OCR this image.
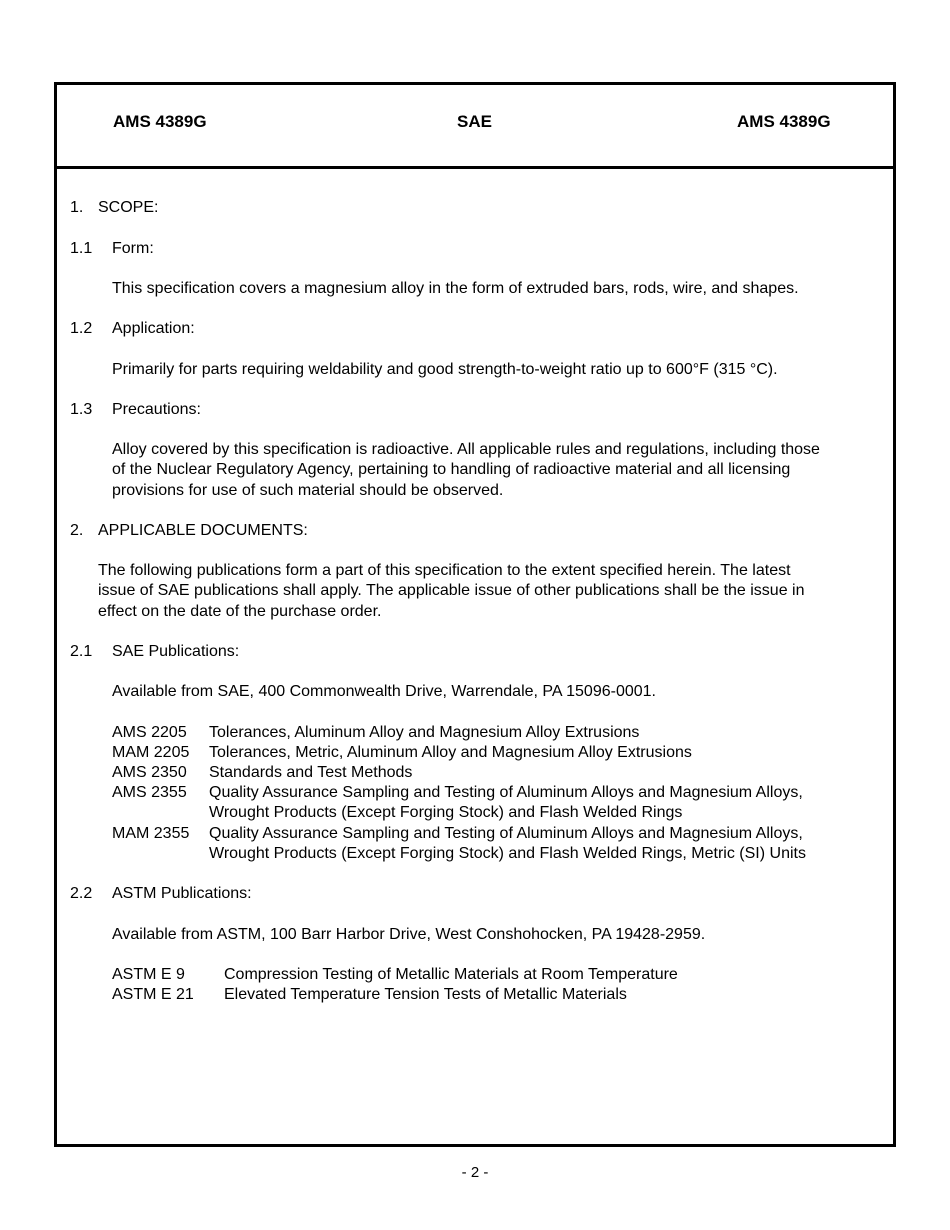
AMS 4389G	SAE	AMS 4389G
1. SCOPE:
1.1 Form:
This specification covers a magnesium alloy in the form of extruded bars, rods, wire, and shapes.
1.2 Application:
Primarily for parts requiring weldability and good strength-to-weight ratio up to 600°F (315 °C).
1.3 Precautions:
Alloy covered by this specification is radioactive. All applicable rules and regulations, including those
of the Nuclear Regulatory Agency, pertaining to handling of radioactive material and all licensing
provisions for use of such material should be observed.
2. APPLICABLE DOCUMENTS:
The following publications form a part of this specification to the extent specified herein. The latest
issue of SAE publications shall apply. The applicable issue of other publications shall be the issue in
effect on the date of the purchase order.
2.1 SAE Publications:
Available from SAE, 400 Commonwealth Drive, Warrendale, PA 15096-0001.
AMS 2205 Tolerances, Aluminum Alloy and Magnesium Alloy Extrusions
MAM 2205 Tolerances, Metric, Aluminum Alloy and Magnesium Alloy Extrusions
AMS 2350 Standards and Test Methods
AMS 2355 Quality Assurance Sampling and Testing of Aluminum Alloys and Magnesium Alloys,
Wrought Products (Except Forging Stock) and Flash Welded Rings
MAM 2355 Quality Assurance Sampling and Testing of Aluminum Alloys and Magnesium Alloys,
Wrought Products (Except Forging Stock) and Flash Welded Rings, Metric (SI) Units
2.2 ASTM Publications:
Available from ASTM, 100 Barr Harbor Drive, West Conshohocken, PA 19428-2959.
ASTM E 9 Compression Testing of Metallic Materials at Room Temperature
ASTM E 21 Elevated Temperature Tension Tests of Metallic Materials
- 2 -
